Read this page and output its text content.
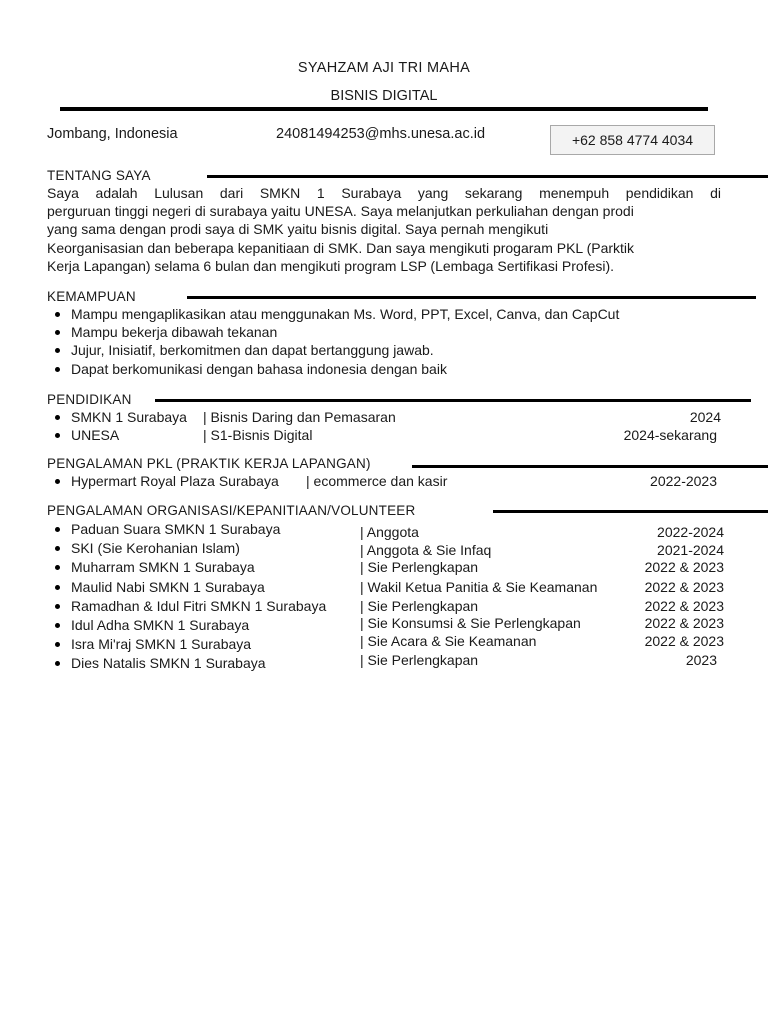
SYAHZAM AJI TRI MAHA
BISNIS DIGITAL
Jombang, Indonesia	24081494253@mhs.unesa.ac.id	+62 858 4774 4034
TENTANG SAYA
Saya adalah Lulusan dari SMKN 1 Surabaya yang sekarang menempuh pendidikan di
perguruan tinggi negeri di surabaya yaitu UNESA. Saya melanjutkan perkuliahan dengan prodi
yang sama dengan prodi saya di SMK yaitu bisnis digital. Saya pernah mengikuti
Keorganisasian dan beberapa kepanitiaan di SMK. Dan saya mengikuti progaram PKL (Parktik
Kerja Lapangan) selama 6 bulan dan mengikuti program LSP (Lembaga Sertifikasi Profesi).
KEMAMPUAN
Mampu mengaplikasikan atau menggunakan Ms. Word, PPT, Excel, Canva, dan CapCut
Mampu bekerja dibawah tekanan
Jujur, Inisiatif, berkomitmen dan dapat bertanggung jawab.
Dapat berkomunikasi dengan bahasa indonesia dengan baik
PENDIDIKAN
SMKN 1 Surabaya | Bisnis Daring dan Pemasaran	2024
UNESA	| S1-Bisnis Digital	2024-sekarang
PENGALAMAN PKL (PRAKTIK KERJA LAPANGAN)
Hypermart Royal Plaza Surabaya | ecommerce dan kasir	2022-2023
PENGALAMAN ORGANISASI/KEPANITIAAN/VOLUNTEER
Paduan Suara SMKN 1 Surabaya	| Anggota	2022-2024
SKI (Sie Kerohanian Islam)	| Anggota & Sie Infaq	2021-2024
Muharram SMKN 1 Surabaya	| Sie Perlengkapan	2022 & 2023
Maulid Nabi SMKN 1 Surabaya	| Wakil Ketua Panitia & Sie Keamanan	2022 & 2023
Ramadhan & Idul Fitri SMKN 1 Surabaya | Sie Perlengkapan	2022 & 2023
Idul Adha SMKN 1 Surabaya	| Sie Konsumsi & Sie Perlengkapan	2022 & 2023
Isra Mi'raj SMKN 1 Surabaya	| Sie Acara & Sie Keamanan	2022 & 2023
Dies Natalis SMKN 1 Surabaya	| Sie Perlengkapan	2023
